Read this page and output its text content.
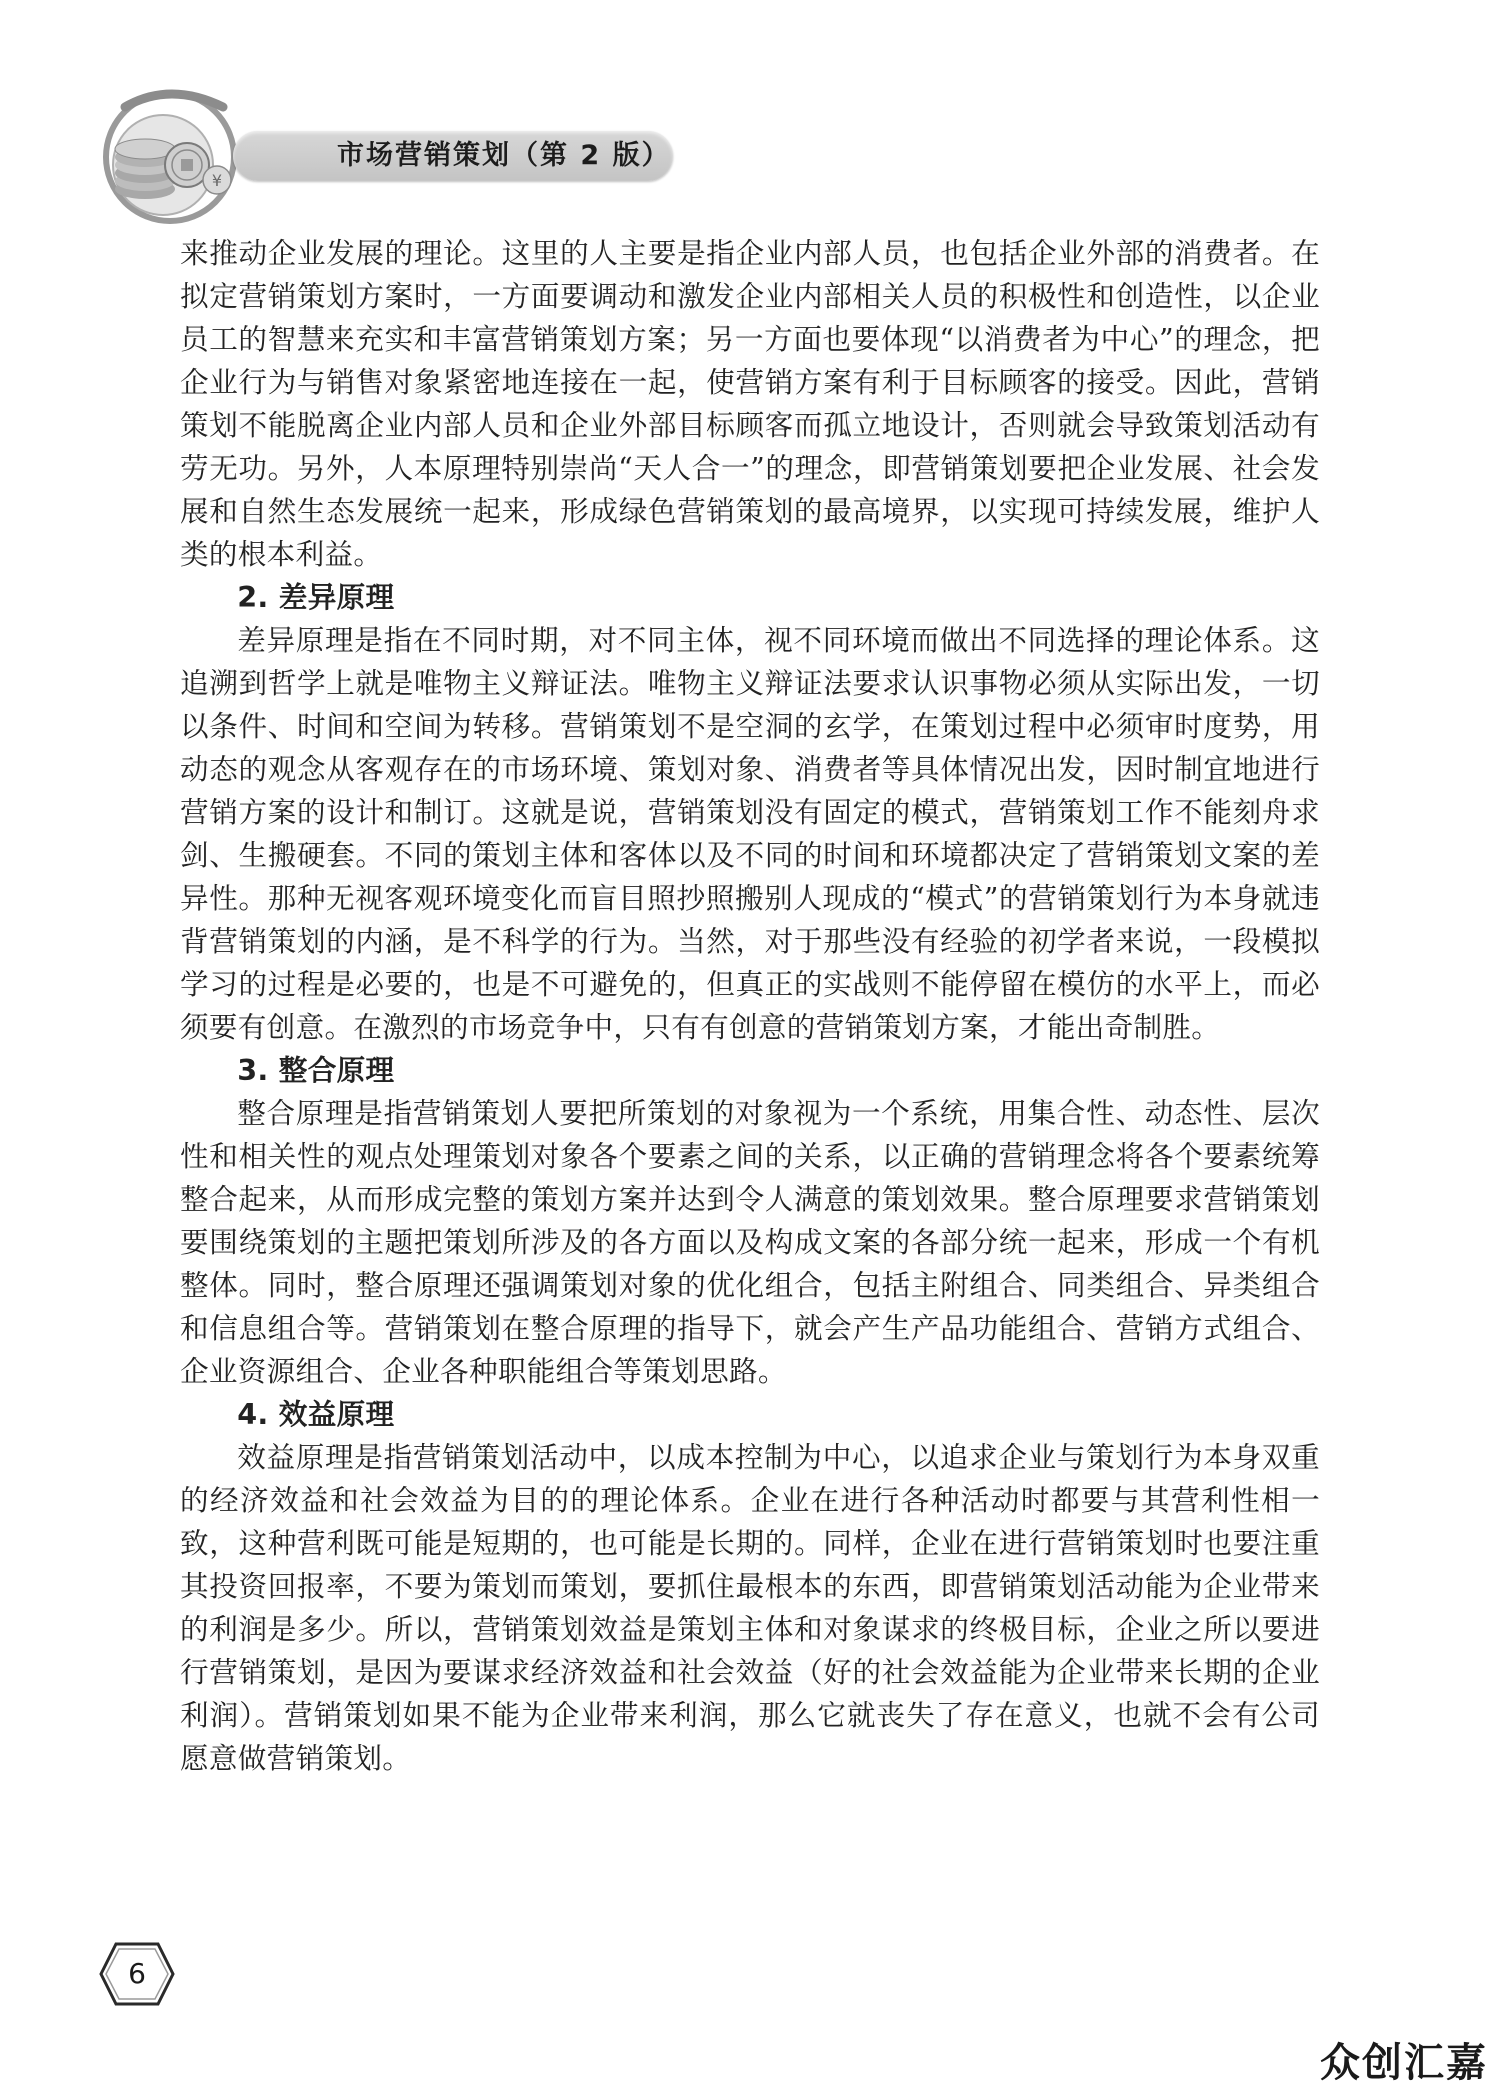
¥
市场营销策划（第 2 版）

来推动企业发展的理论。这里的人主要是指企业内部人员，也包括企业外部的消费者。在拟定营销策划方案时，一方面要调动和激发企业内部相关人员的积极性和创造性，以企业员工的智慧来充实和丰富营销策划方案；另一方面也要体现“以消费者为中心”的理念，把企业行为与销售对象紧密地连接在一起，使营销方案有利于目标顾客的接受。因此，营销策划不能脱离企业内部人员和企业外部目标顾客而孤立地设计，否则就会导致策划活动有劳无功。另外，人本原理特别崇尚“天人合一”的理念，即营销策划要把企业发展、社会发展和自然生态发展统一起来，形成绿色营销策划的最高境界，以实现可持续发展，维护人类的根本利益。

2. 差异原理

差异原理是指在不同时期，对不同主体，视不同环境而做出不同选择的理论体系。这追溯到哲学上就是唯物主义辩证法。唯物主义辩证法要求认识事物必须从实际出发，一切以条件、时间和空间为转移。营销策划不是空洞的玄学，在策划过程中必须审时度势，用动态的观念从客观存在的市场环境、策划对象、消费者等具体情况出发，因时制宜地进行营销方案的设计和制订。这就是说，营销策划没有固定的模式，营销策划工作不能刻舟求剑、生搬硬套。不同的策划主体和客体以及不同的时间和环境都决定了营销策划文案的差异性。那种无视客观环境变化而盲目照抄照搬别人现成的“模式”的营销策划行为本身就违背营销策划的内涵，是不科学的行为。当然，对于那些没有经验的初学者来说，一段模拟学习的过程是必要的，也是不可避免的，但真正的实战则不能停留在模仿的水平上，而必须要有创意。在激烈的市场竞争中，只有有创意的营销策划方案，才能出奇制胜。

3. 整合原理

整合原理是指营销策划人要把所策划的对象视为一个系统，用集合性、动态性、层次性和相关性的观点处理策划对象各个要素之间的关系，以正确的营销理念将各个要素统筹整合起来，从而形成完整的策划方案并达到令人满意的策划效果。整合原理要求营销策划要围绕策划的主题把策划所涉及的各方面以及构成文案的各部分统一起来，形成一个有机整体。同时，整合原理还强调策划对象的优化组合，包括主附组合、同类组合、异类组合和信息组合等。营销策划在整合原理的指导下，就会产生产品功能组合、营销方式组合、企业资源组合、企业各种职能组合等策划思路。

4. 效益原理

效益原理是指营销策划活动中，以成本控制为中心，以追求企业与策划行为本身双重的经济效益和社会效益为目的的理论体系。企业在进行各种活动时都要与其营利性相一致，这种营利既可能是短期的，也可能是长期的。同样，企业在进行营销策划时也要注重其投资回报率，不要为策划而策划，要抓住最根本的东西，即营销策划活动能为企业带来的利润是多少。所以，营销策划效益是策划主体和对象谋求的终极目标，企业之所以要进行营销策划，是因为要谋求经济效益和社会效益（好的社会效益能为企业带来长期的企业利润）。营销策划如果不能为企业带来利润，那么它就丧失了存在意义，也就不会有公司愿意做营销策划。

6
众创汇嘉
